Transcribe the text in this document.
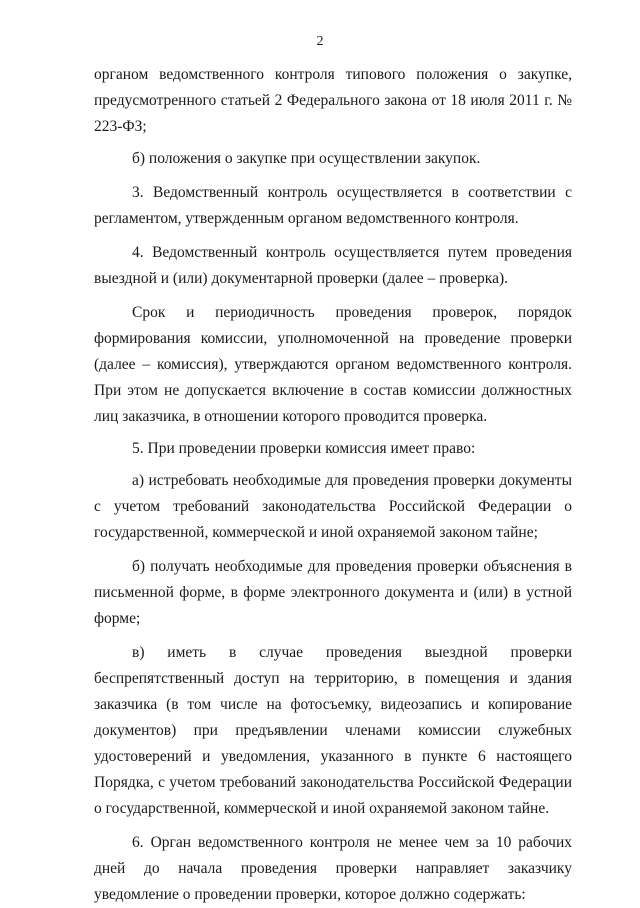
2

органом ведомственного контроля типового положения о закупке, предусмотренного статьей 2 Федерального закона от 18 июля 2011 г. № 223-ФЗ;

б) положения о закупке при осуществлении закупок.

3. Ведомственный контроль осуществляется в соответствии с регламентом, утвержденным органом ведомственного контроля.

4. Ведомственный контроль осуществляется путем проведения выездной и (или) документарной проверки (далее – проверка).

Срок и периодичность проведения проверок, порядок формирования комиссии, уполномоченной на проведение проверки (далее – комиссия), утверждаются органом ведомственного контроля. При этом не допускается включение в состав комиссии должностных лиц заказчика, в отношении которого проводится проверка.

5. При проведении проверки комиссия имеет право:

а) истребовать необходимые для проведения проверки документы с учетом требований законодательства Российской Федерации о государственной, коммерческой и иной охраняемой законом тайне;

б) получать необходимые для проведения проверки объяснения в письменной форме, в форме электронного документа и (или) в устной форме;

в) иметь в случае проведения выездной проверки беспрепятственный доступ на территорию, в помещения и здания заказчика (в том числе на фотосъемку, видеозапись и копирование документов) при предъявлении членами комиссии служебных удостоверений и уведомления, указанного в пункте 6 настоящего Порядка, с учетом требований законодательства Российской Федерации о государственной, коммерческой и иной охраняемой законом тайне.

6. Орган ведомственного контроля не менее чем за 10 рабочих дней до начала проведения проверки направляет заказчику уведомление о проведении проверки, которое должно содержать:
